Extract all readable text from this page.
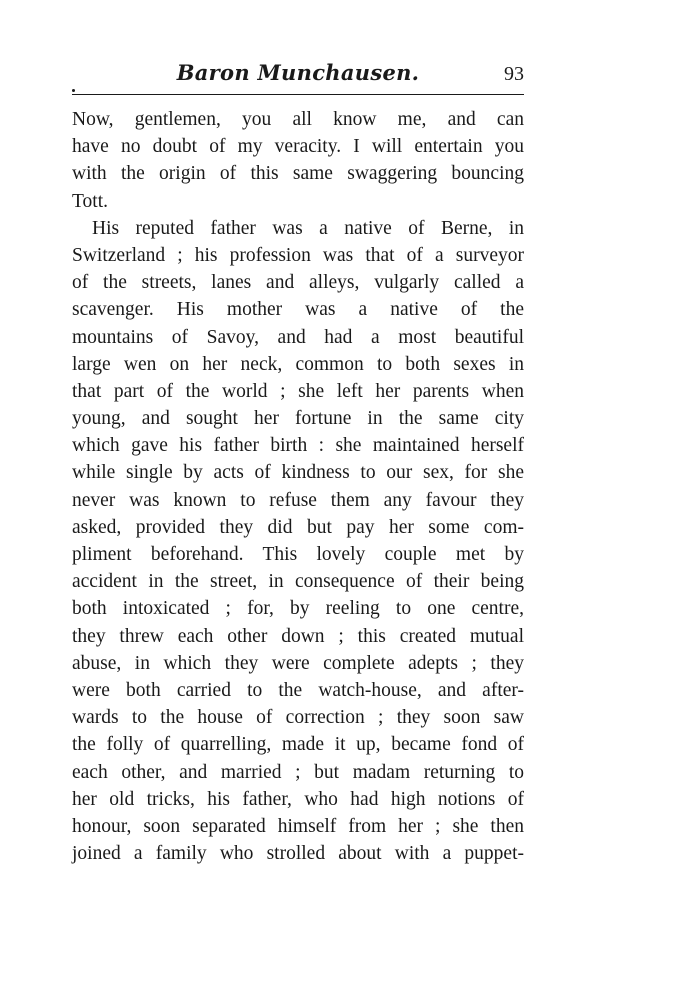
Baron Munchausen.	93
Now, gentlemen, you all know me, and can
have no doubt of my veracity. I will entertain you
with the origin of this same swaggering bouncing
Tott.
His reputed father was a native of Berne, in
Switzerland ; his profession was that of a surveyor
of the streets, lanes and alleys, vulgarly called a
scavenger. His mother was a native of the
mountains of Savoy, and had a most beautiful
large wen on her neck, common to both sexes in
that part of the world ; she left her parents when
young, and sought her fortune in the same city
which gave his father birth : she maintained herself
while single by acts of kindness to our sex, for she
never was known to refuse them any favour they
asked, provided they did but pay her some com-
pliment beforehand. This lovely couple met by
accident in the street, in consequence of their being
both intoxicated ; for, by reeling to one centre,
they threw each other down ; this created mutual
abuse, in which they were complete adepts ; they
were both carried to the watch-house, and after-
wards to the house of correction ; they soon saw
the folly of quarrelling, made it up, became fond of
each other, and married ; but madam returning to
her old tricks, his father, who had high notions of
honour, soon separated himself from her ; she then
joined a family who strolled about with a puppet-
